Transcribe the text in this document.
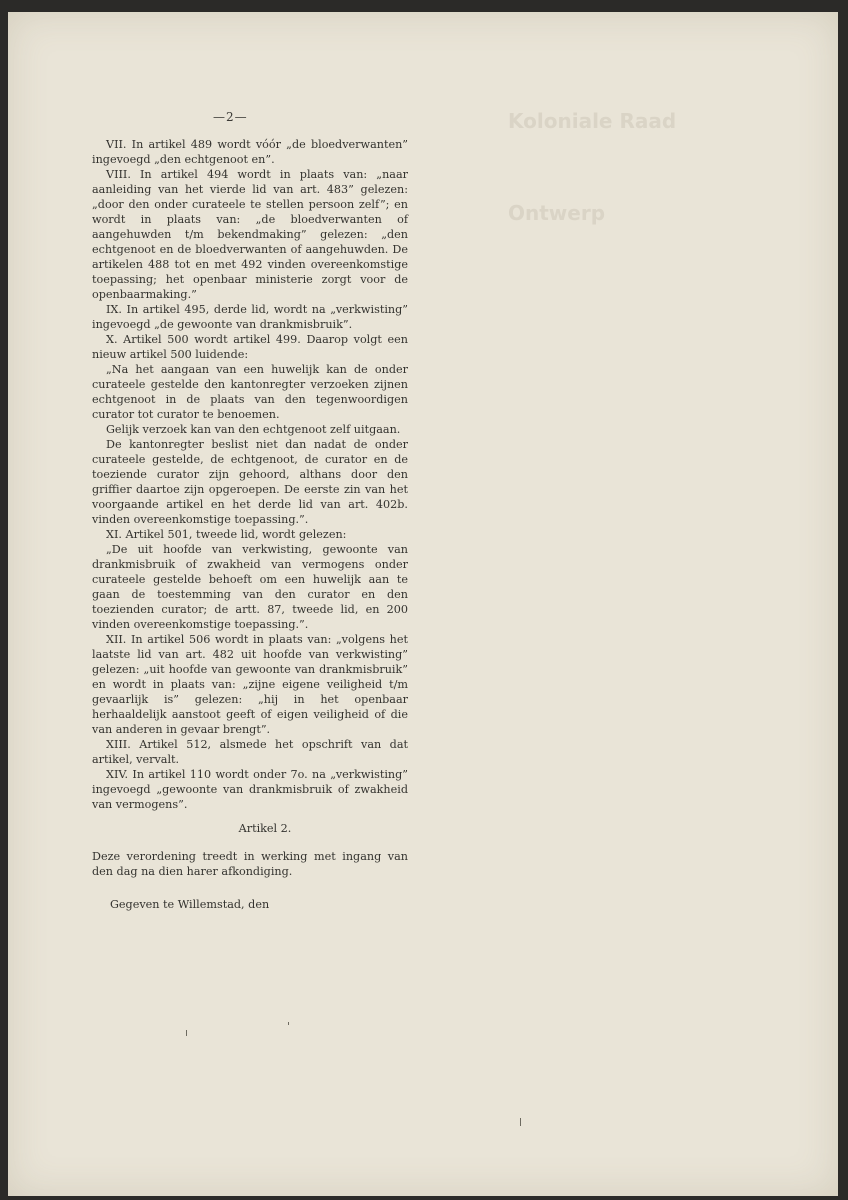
Koloniale Raad
Ontwerp
—2—

VII. In artikel 489 wordt vóór „de bloedverwanten” ingevoegd „den echtgenoot en”.

VIII. In artikel 494 wordt in plaats van: „naar aanleiding van het vierde lid van art. 483” gelezen: „door den onder curateele te stellen persoon zelf”; en wordt in plaats van: „de bloedverwanten of aangehuwden t/m bekendmaking” gelezen: „den echtgenoot en de bloedverwanten of aangehuwden. De artikelen 488 tot en met 492 vinden overeenkomstige toepassing; het openbaar ministerie zorgt voor de openbaarmaking.”

IX. In artikel 495, derde lid, wordt na „verkwisting” ingevoegd „de gewoonte van drankmisbruik”.

X. Artikel 500 wordt artikel 499. Daarop volgt een nieuw artikel 500 luidende:

„Na het aangaan van een huwelijk kan de onder curateele gestelde den kantonregter verzoeken zijnen echtgenoot in de plaats van den tegenwoordigen curator tot curator te benoemen.

Gelijk verzoek kan van den echtgenoot zelf uitgaan.

De kantonregter beslist niet dan nadat de onder curateele gestelde, de echtgenoot, de curator en de toeziende curator zijn gehoord, althans door den griffier daartoe zijn opgeroepen. De eerste zin van het voorgaande artikel en het derde lid van art. 402b. vinden overeenkomstige toepassing.”.

XI. Artikel 501, tweede lid, wordt gelezen:

„De uit hoofde van verkwisting, gewoonte van drankmisbruik of zwakheid van vermogens onder curateele gestelde behoeft om een huwelijk aan te gaan de toestemming van den curator en den toezienden curator; de artt. 87, tweede lid, en 200 vinden overeenkomstige toepassing.”.

XII. In artikel 506 wordt in plaats van: „volgens het laatste lid van art. 482 uit hoofde van verkwisting” gelezen: „uit hoofde van gewoonte van drankmisbruik” en wordt in plaats van: „zijne eigene veiligheid t/m gevaarlijk is” gelezen: „hij in het openbaar herhaaldelijk aanstoot geeft of eigen veiligheid of die van anderen in gevaar brengt”.

XIII. Artikel 512, alsmede het opschrift van dat artikel, vervalt.

XIV. In artikel 110 wordt onder 7o. na „verkwisting” ingevoegd „gewoonte van drankmisbruik of zwakheid van vermogens”.

Artikel 2.

Deze verordening treedt in werking met ingang van den dag na dien harer afkondiging.

Gegeven te Willemstad, den
